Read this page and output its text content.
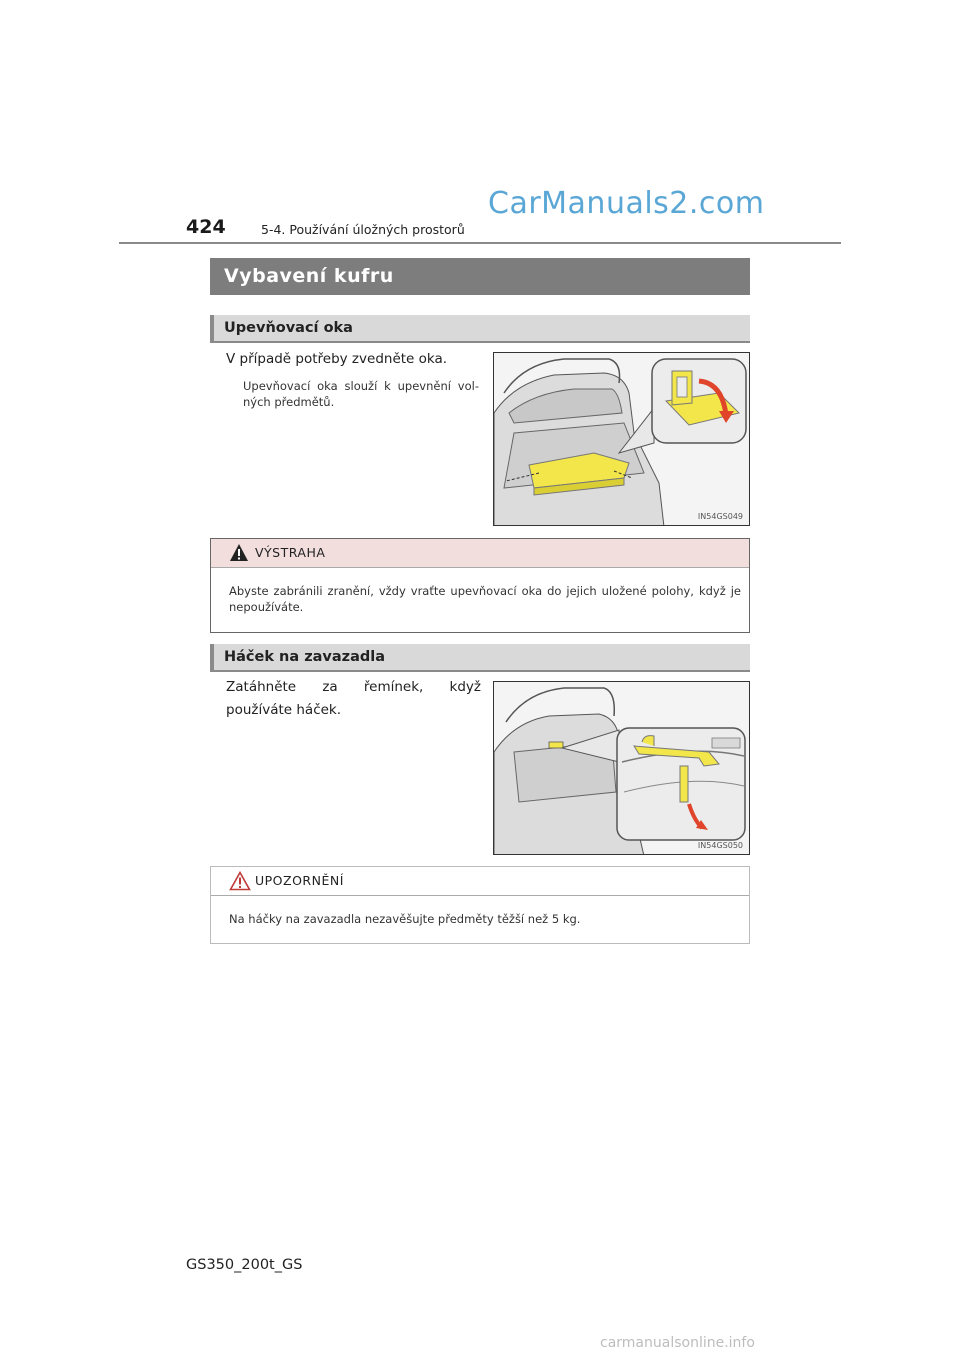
CarManuals2.com
424	5-4. Používání úložných prostorů
Vybavení kufru
Upevňovací oka
V případě potřeby zvedněte oka.
Upevňovací oka slouží k upevnění vol-ných předmětů.
IN54GS049
VÝSTRAHA
Abyste zabránili zranění, vždy vraťte upevňovací oka do jejich uložené polohy, když je nepoužíváte.
Háček na zavazadla
Zatáhněte za řemínek, když používáte háček.
IN54GS050
UPOZORNĚNÍ
Na háčky na zavazadla nezavěšujte předměty těžší než 5 kg.
GS350_200t_GS
carmanualsonline.info
